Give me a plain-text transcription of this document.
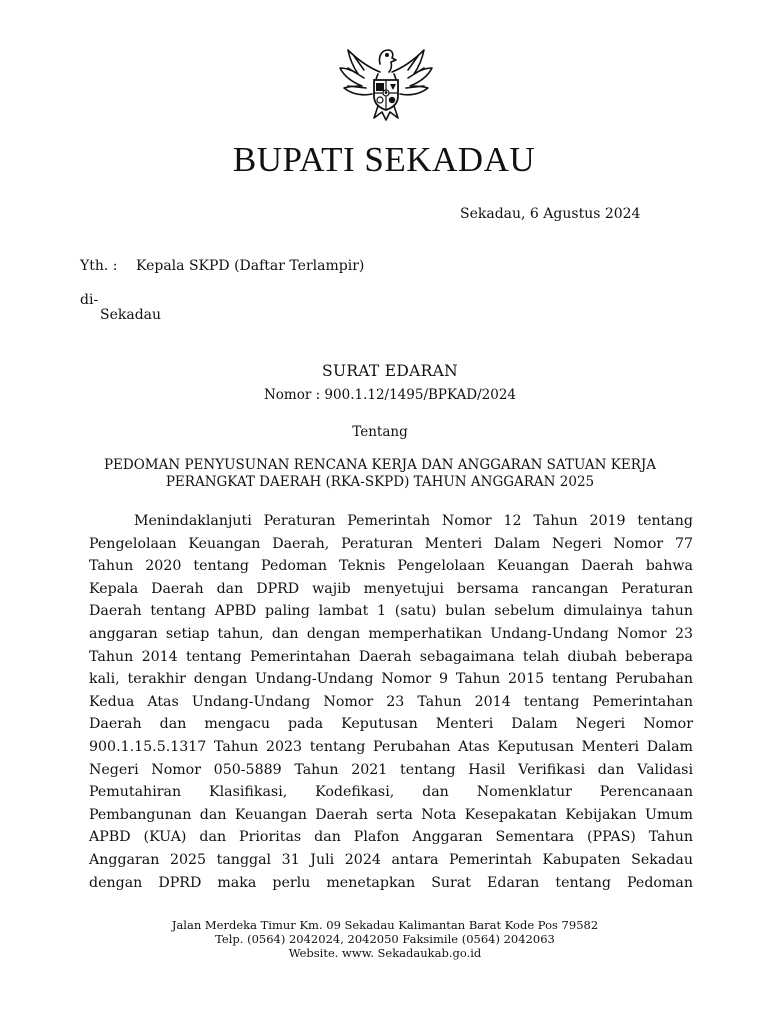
BUPATI SEKADAU
Sekadau, 6 Agustus 2024
Yth. : Kepala SKPD (Daftar Terlampir)
di-
Sekadau
SURAT EDARAN
Nomor : 900.1.12/1495/BPKAD/2024
Tentang
PEDOMAN PENYUSUNAN RENCANA KERJA DAN ANGGARAN SATUAN KERJA
PERANGKAT DAERAH (RKA-SKPD) TAHUN ANGGARAN 2025
Menindaklanjuti Peraturan Pemerintah Nomor 12 Tahun 2019 tentang
Pengelolaan Keuangan Daerah, Peraturan Menteri Dalam Negeri Nomor 77
Tahun 2020 tentang Pedoman Teknis Pengelolaan Keuangan Daerah bahwa
Kepala Daerah dan DPRD wajib menyetujui bersama rancangan Peraturan
Daerah tentang APBD paling lambat 1 (satu) bulan sebelum dimulainya tahun
anggaran setiap tahun, dan dengan memperhatikan Undang-Undang Nomor 23
Tahun 2014 tentang Pemerintahan Daerah sebagaimana telah diubah beberapa
kali, terakhir dengan Undang-Undang Nomor 9 Tahun 2015 tentang Perubahan
Kedua Atas Undang-Undang Nomor 23 Tahun 2014 tentang Pemerintahan
Daerah dan mengacu pada Keputusan Menteri Dalam Negeri Nomor
900.1.15.5.1317 Tahun 2023 tentang Perubahan Atas Keputusan Menteri Dalam
Negeri Nomor 050-5889 Tahun 2021 tentang Hasil Verifikasi dan Validasi
Pemutahiran Klasifikasi, Kodefikasi, dan Nomenklatur Perencanaan
Pembangunan dan Keuangan Daerah serta Nota Kesepakatan Kebijakan Umum
APBD (KUA) dan Prioritas dan Plafon Anggaran Sementara (PPAS) Tahun
Anggaran 2025 tanggal 31 Juli 2024 antara Pemerintah Kabupaten Sekadau
dengan DPRD maka perlu menetapkan Surat Edaran tentang Pedoman
Jalan Merdeka Timur Km. 09 Sekadau Kalimantan Barat Kode Pos 79582
Telp. (0564) 2042024, 2042050 Faksimile (0564) 2042063
Website. www. Sekadaukab.go.id
